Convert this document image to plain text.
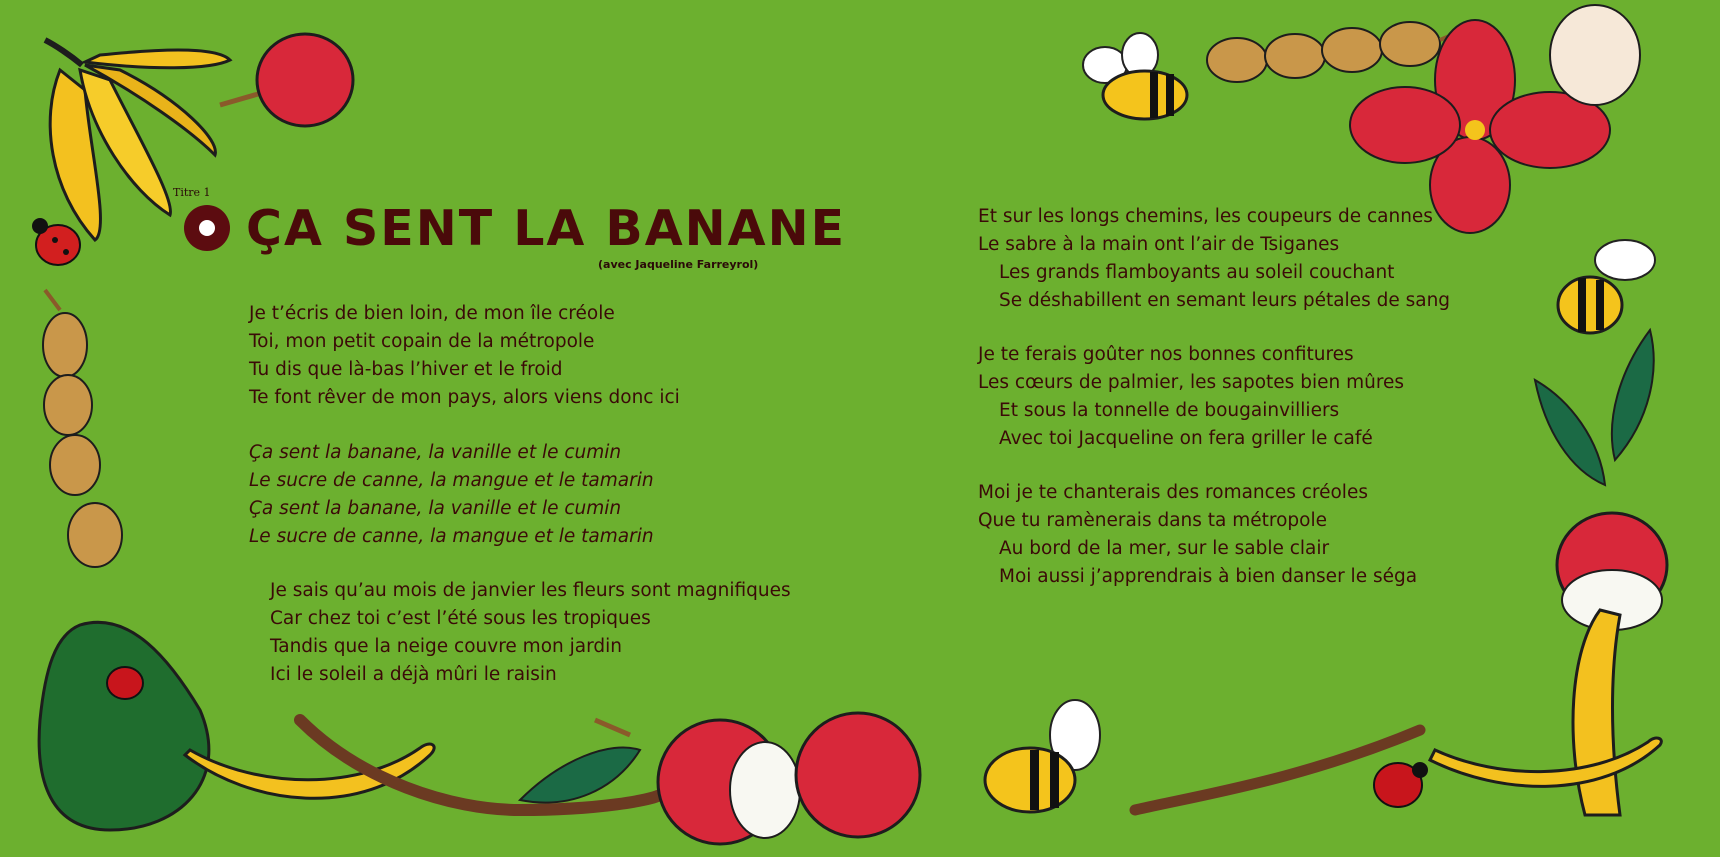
Titre 1
ÇA SENT LA BANANE
(avec Jaqueline Farreyrol)
Je t’écris de bien loin, de mon île créole
Toi, mon petit copain de la métropole
Tu dis que là-bas l’hiver et le froid
Te font rêver de mon pays, alors viens donc ici
Ça sent la banane, la vanille et le cumin
Le sucre de canne, la mangue et le tamarin
Ça sent la banane, la vanille et le cumin
Le sucre de canne, la mangue et le tamarin
Je sais qu’au mois de janvier les fleurs sont magnifiques
Car chez toi c’est l’été sous les tropiques
Tandis que la neige couvre mon jardin
Ici le soleil a déjà mûri le raisin
Et sur les longs chemins, les coupeurs de cannes
Le sabre à la main ont l’air de Tsiganes
Les grands flamboyants au soleil couchant
Se déshabillent en semant leurs pétales de sang
Je te ferais goûter nos bonnes confitures
Les cœurs de palmier, les sapotes bien mûres
Et sous la tonnelle de bougainvilliers
Avec toi Jacqueline on fera griller le café
Moi je te chanterais des romances créoles
Que tu ramènerais dans ta métropole
Au bord de la mer, sur le sable clair
Moi aussi j’apprendrais à bien danser le séga
